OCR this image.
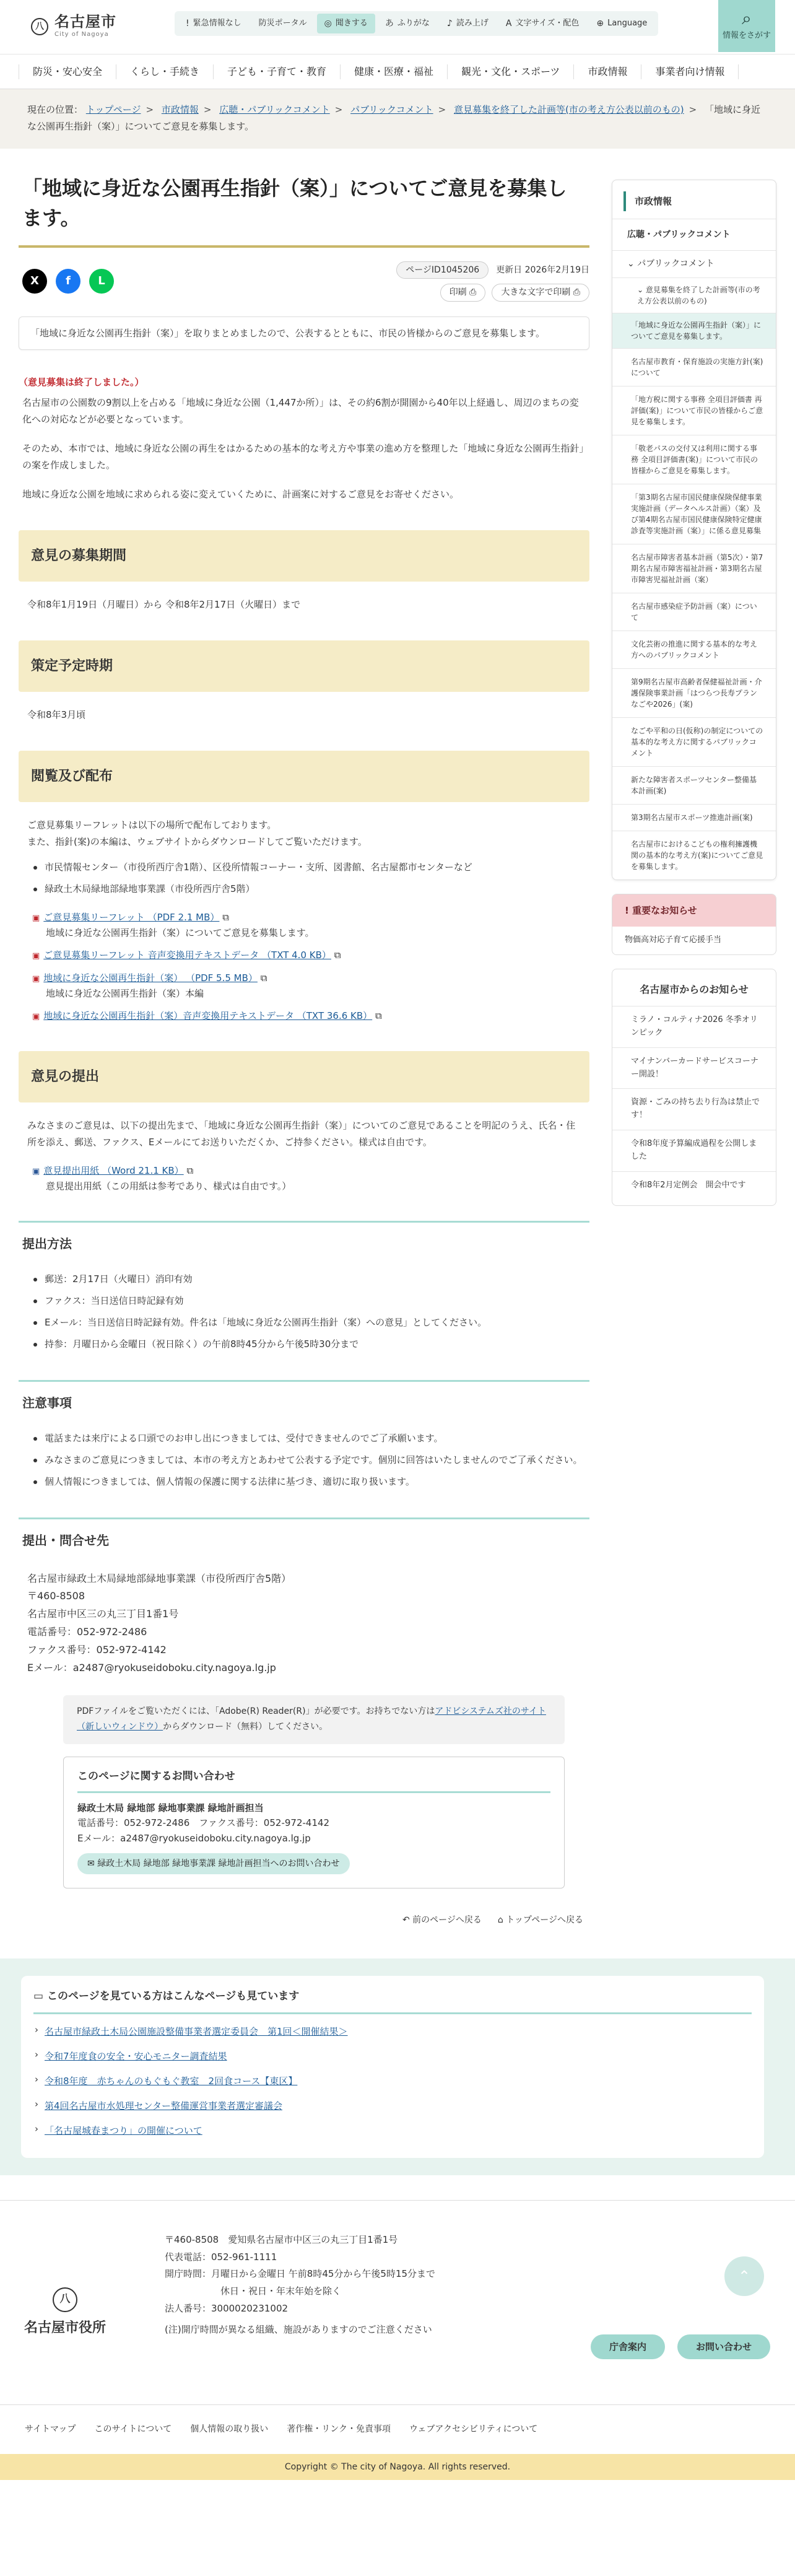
八 名古屋市
City of Nagoya
! 緊急情報なし 防災ポータル ◎ 聞きする あ ふりがな ♪ 読み上げ A 文字サイズ・配色 ⊕ Language	⌕
情報をさがす
防災・安心安全	くらし・手続き	子ども・子育て・教育	健康・医療・福祉	観光・文化・スポーツ	市政情報	事業者向け情報
現在の位置： トップページ > 市政情報 > 広聴・パブリックコメント > パブリックコメント > 意見募集を終了した計画等(市の考え方公表以前のもの) > 「地域に身近な公園再生指針（案）」についてご意見を募集します。
「地域に身近な公園再生指針（案）」についてご意見を募集します。
X	f	L
ページID1045206	更新日 2026年2月19日
印刷 ⎙	大きな文字で印刷 ⎙
「地域に身近な公園再生指針（案）」を取りまとめましたので、公表するとともに、市民の皆様からのご意見を募集します。
（意見募集は終了しました。）

名古屋市の公園数の9割以上を占める「地域に身近な公園（1,447か所）」は、その約6割が開園から40年以上経過し、周辺のまちの変化への対応などが必要となっています。

そのため、本市では、地域に身近な公園の再生をはかるための基本的な考え方や事業の進め方を整理した「地域に身近な公園再生指針」の案を作成しました。

地域に身近な公園を地域に求められる姿に変えていくために、計画案に対するご意見をお寄せください。

意見の募集期間
令和8年1月19日（月曜日）から 令和8年2月17日（火曜日）まで
策定予定時期
令和8年3月頃
閲覧及び配布
ご意見募集リーフレットは以下の場所で配布しております。
また、指針(案)の本編は、ウェブサイトからダウンロードしてご覧いただけます。
市民情報センター（市役所西庁舎1階）、区役所情報コーナー・支所、図書館、名古屋都市センターなど
緑政土木局緑地部緑地事業課（市役所西庁舎5階）
▣ ご意見募集リーフレット （PDF 2.1 MB） ⧉
地域に身近な公園再生指針（案）についてご意見を募集します。
▣ ご意見募集リーフレット 音声変換用テキストデータ （TXT 4.0 KB） ⧉
▣ 地域に身近な公園再生指針（案） （PDF 5.5 MB） ⧉
地域に身近な公園再生指針（案）本編
▣ 地域に身近な公園再生指針（案）音声変換用テキストデータ （TXT 36.6 KB） ⧉
意見の提出
みなさまのご意見は、以下の提出先まで、「地域に身近な公園再生指針（案）」についてのご意見であることを明記のうえ、氏名・住所を添え、郵送、ファクス、Eメールにてお送りいただくか、ご持参ください。様式は自由です。
▣ 意見提出用紙 （Word 21.1 KB） ⧉
意見提出用紙（この用紙は参考であり、様式は自由です。）
提出方法
郵送：2月17日（火曜日）消印有効
ファクス：当日送信日時記録有効
Eメール：当日送信日時記録有効。件名は「地域に身近な公園再生指針（案）への意見」としてください。
持参：月曜日から金曜日（祝日除く）の午前8時45分から午後5時30分まで
注意事項
電話または来庁による口頭でのお申し出につきましては、受付できませんのでご了承願います。
みなさまのご意見につきましては、本市の考え方とあわせて公表する予定です。個別に回答はいたしませんのでご了承ください。
個人情報につきましては、個人情報の保護に関する法律に基づき、適切に取り扱います。
提出・問合せ先
名古屋市緑政土木局緑地部緑地事業課（市役所西庁舎5階）
〒460-8508
名古屋市中区三の丸三丁目1番1号
電話番号：052-972-2486
ファクス番号：052-972-4142
Eメール：a2487@ryokuseidoboku.city.nagoya.lg.jp
PDFファイルをご覧いただくには、「Adobe(R) Reader(R)」が必要です。お持ちでない方はアドビシステムズ社のサイト（新しいウィンドウ）からダウンロード（無料）してください。
このページに関するお問い合わせ
緑政土木局 緑地部 緑地事業課 緑地計画担当
電話番号：052-972-2486　ファクス番号：052-972-4142
Eメール：a2487@ryokuseidoboku.city.nagoya.lg.jp
✉ 緑政土木局 緑地部 緑地事業課 緑地計画担当へのお問い合わせ
↶ 前のページへ戻る ⌂ トップページへ戻る
市政情報
広聴・パブリックコメント
⌄ パブリックコメント
⌄ 意見募集を終了した計画等(市の考え方公表以前のもの)
「地域に身近な公園再生指針（案）」についてご意見を募集します。
名古屋市教育・保育施設の実施方針(案)について
「地方税に関する事務 全項目評価書 再評価(案)」について市民の皆様からご意見を募集します。
「敬老パスの交付又は利用に関する事務 全項目評価書(案)」について市民の皆様からご意見を募集します。
「第3期名古屋市国民健康保険保健事業実施計画（データヘルス計画）（案）及び第4期名古屋市国民健康保険特定健康診査等実施計画（案）」に係る意見募集
名古屋市障害者基本計画（第5次）・第7期名古屋市障害福祉計画・第3期名古屋市障害児福祉計画（案）
名古屋市感染症予防計画（案）について
文化芸術の推進に関する基本的な考え方へのパブリックコメント
第9期名古屋市高齢者保健福祉計画・介護保険事業計画「はつらつ長寿プランなごや2026」(案)
なごや平和の日(仮称)の制定についての基本的な考え方に関するパブリックコメント
新たな障害者スポーツセンター整備基本計画(案)
第3期名古屋市スポーツ推進計画(案)
名古屋市におけるこどもの権利擁護機関の基本的な考え方(案)についてご意見を募集します。
! 重要なお知らせ
物価高対応子育て応援手当
名古屋市からのお知らせ
ミラノ・コルティナ2026 冬季オリンピック
マイナンバーカードサービスコーナー開設！
資源・ごみの持ち去り行為は禁止です！
令和8年度予算編成過程を公開しました
令和8年2月定例会　開会中です
▭ このページを見ている方はこんなページも見ています
› 名古屋市緑政土木局公園施設整備事業者選定委員会　第1回＜開催結果＞
› 令和7年度食の安全・安心モニター調査結果
› 令和8年度　赤ちゃんのもぐもぐ教室　2回食コース【東区】
› 第4回名古屋市水処理センター整備運営事業者選定審議会
› 「名古屋城春まつり」の開催について
八
名古屋市役所
〒460-8508　愛知県名古屋市中区三の丸三丁目1番1号
代表電話：052-961-1111
開庁時間：月曜日から金曜日 午前8時45分から午後5時15分まで
休日・祝日・年末年始を除く
法人番号：3000020231002
(注)開庁時間が異なる組織、施設がありますのでご注意ください
庁舎案内	お問い合わせ
⌃
サイトマップ このサイトについて 個人情報の取り扱い 著作権・リンク・免責事項 ウェブアクセシビリティについて
Copyright © The city of Nagoya. All rights reserved.
